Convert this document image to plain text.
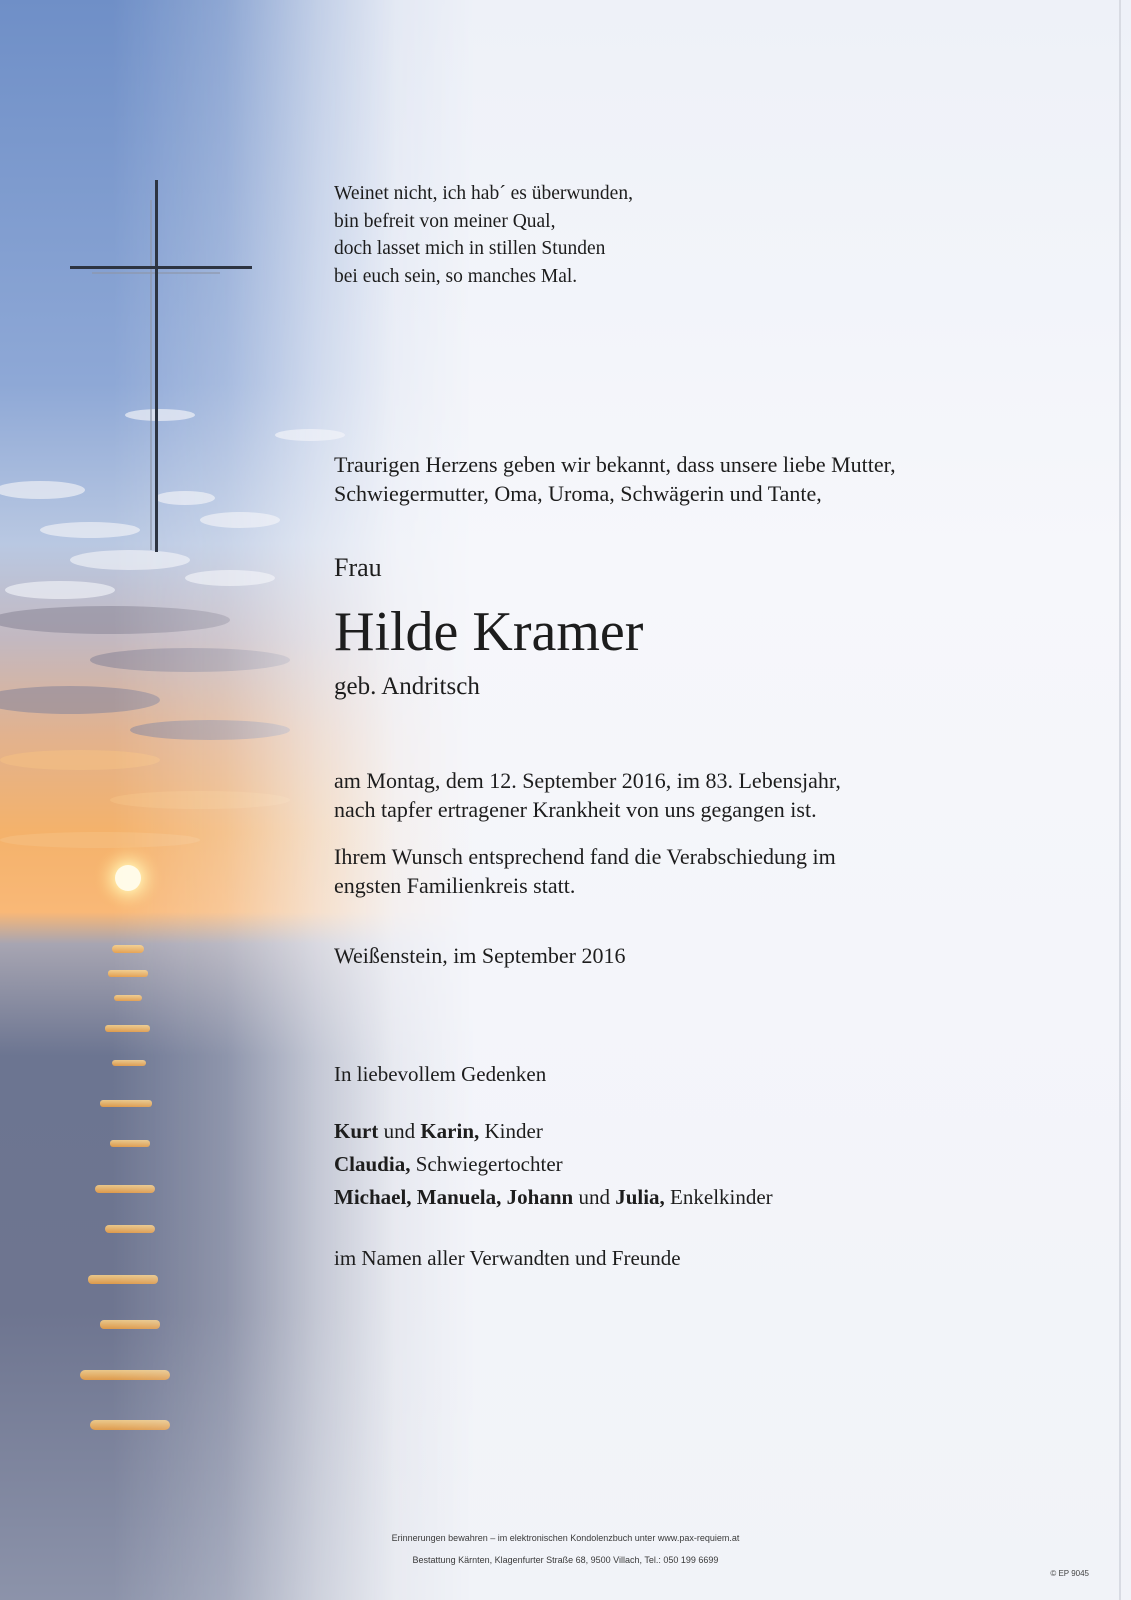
Weinet nicht, ich hab´ es überwunden,
bin befreit von meiner Qual,
doch lasset mich in stillen Stunden
bei euch sein, so manches Mal.

Traurigen Herzens geben wir bekannt, dass unsere liebe Mutter,
Schwiegermutter, Oma, Uroma, Schwägerin und Tante,

Frau

Hilde Kramer

geb. Andritsch

am Montag, dem 12. September 2016, im 83. Lebensjahr,
nach tapfer ertragener Krankheit von uns gegangen ist.

Ihrem Wunsch entsprechend fand die Verabschiedung im
engsten Familienkreis statt.

Weißenstein, im September 2016

In liebevollem Gedenken

Kurt und Karin, Kinder
Claudia, Schwiegertochter
Michael, Manuela, Johann und Julia, Enkelkinder

im Namen aller Verwandten und Freunde

Erinnerungen bewahren – im elektronischen Kondolenzbuch unter www.pax-requiem.at

Bestattung Kärnten, Klagenfurter Straße 68, 9500 Villach, Tel.: 050 199 6699

© EP 9045
